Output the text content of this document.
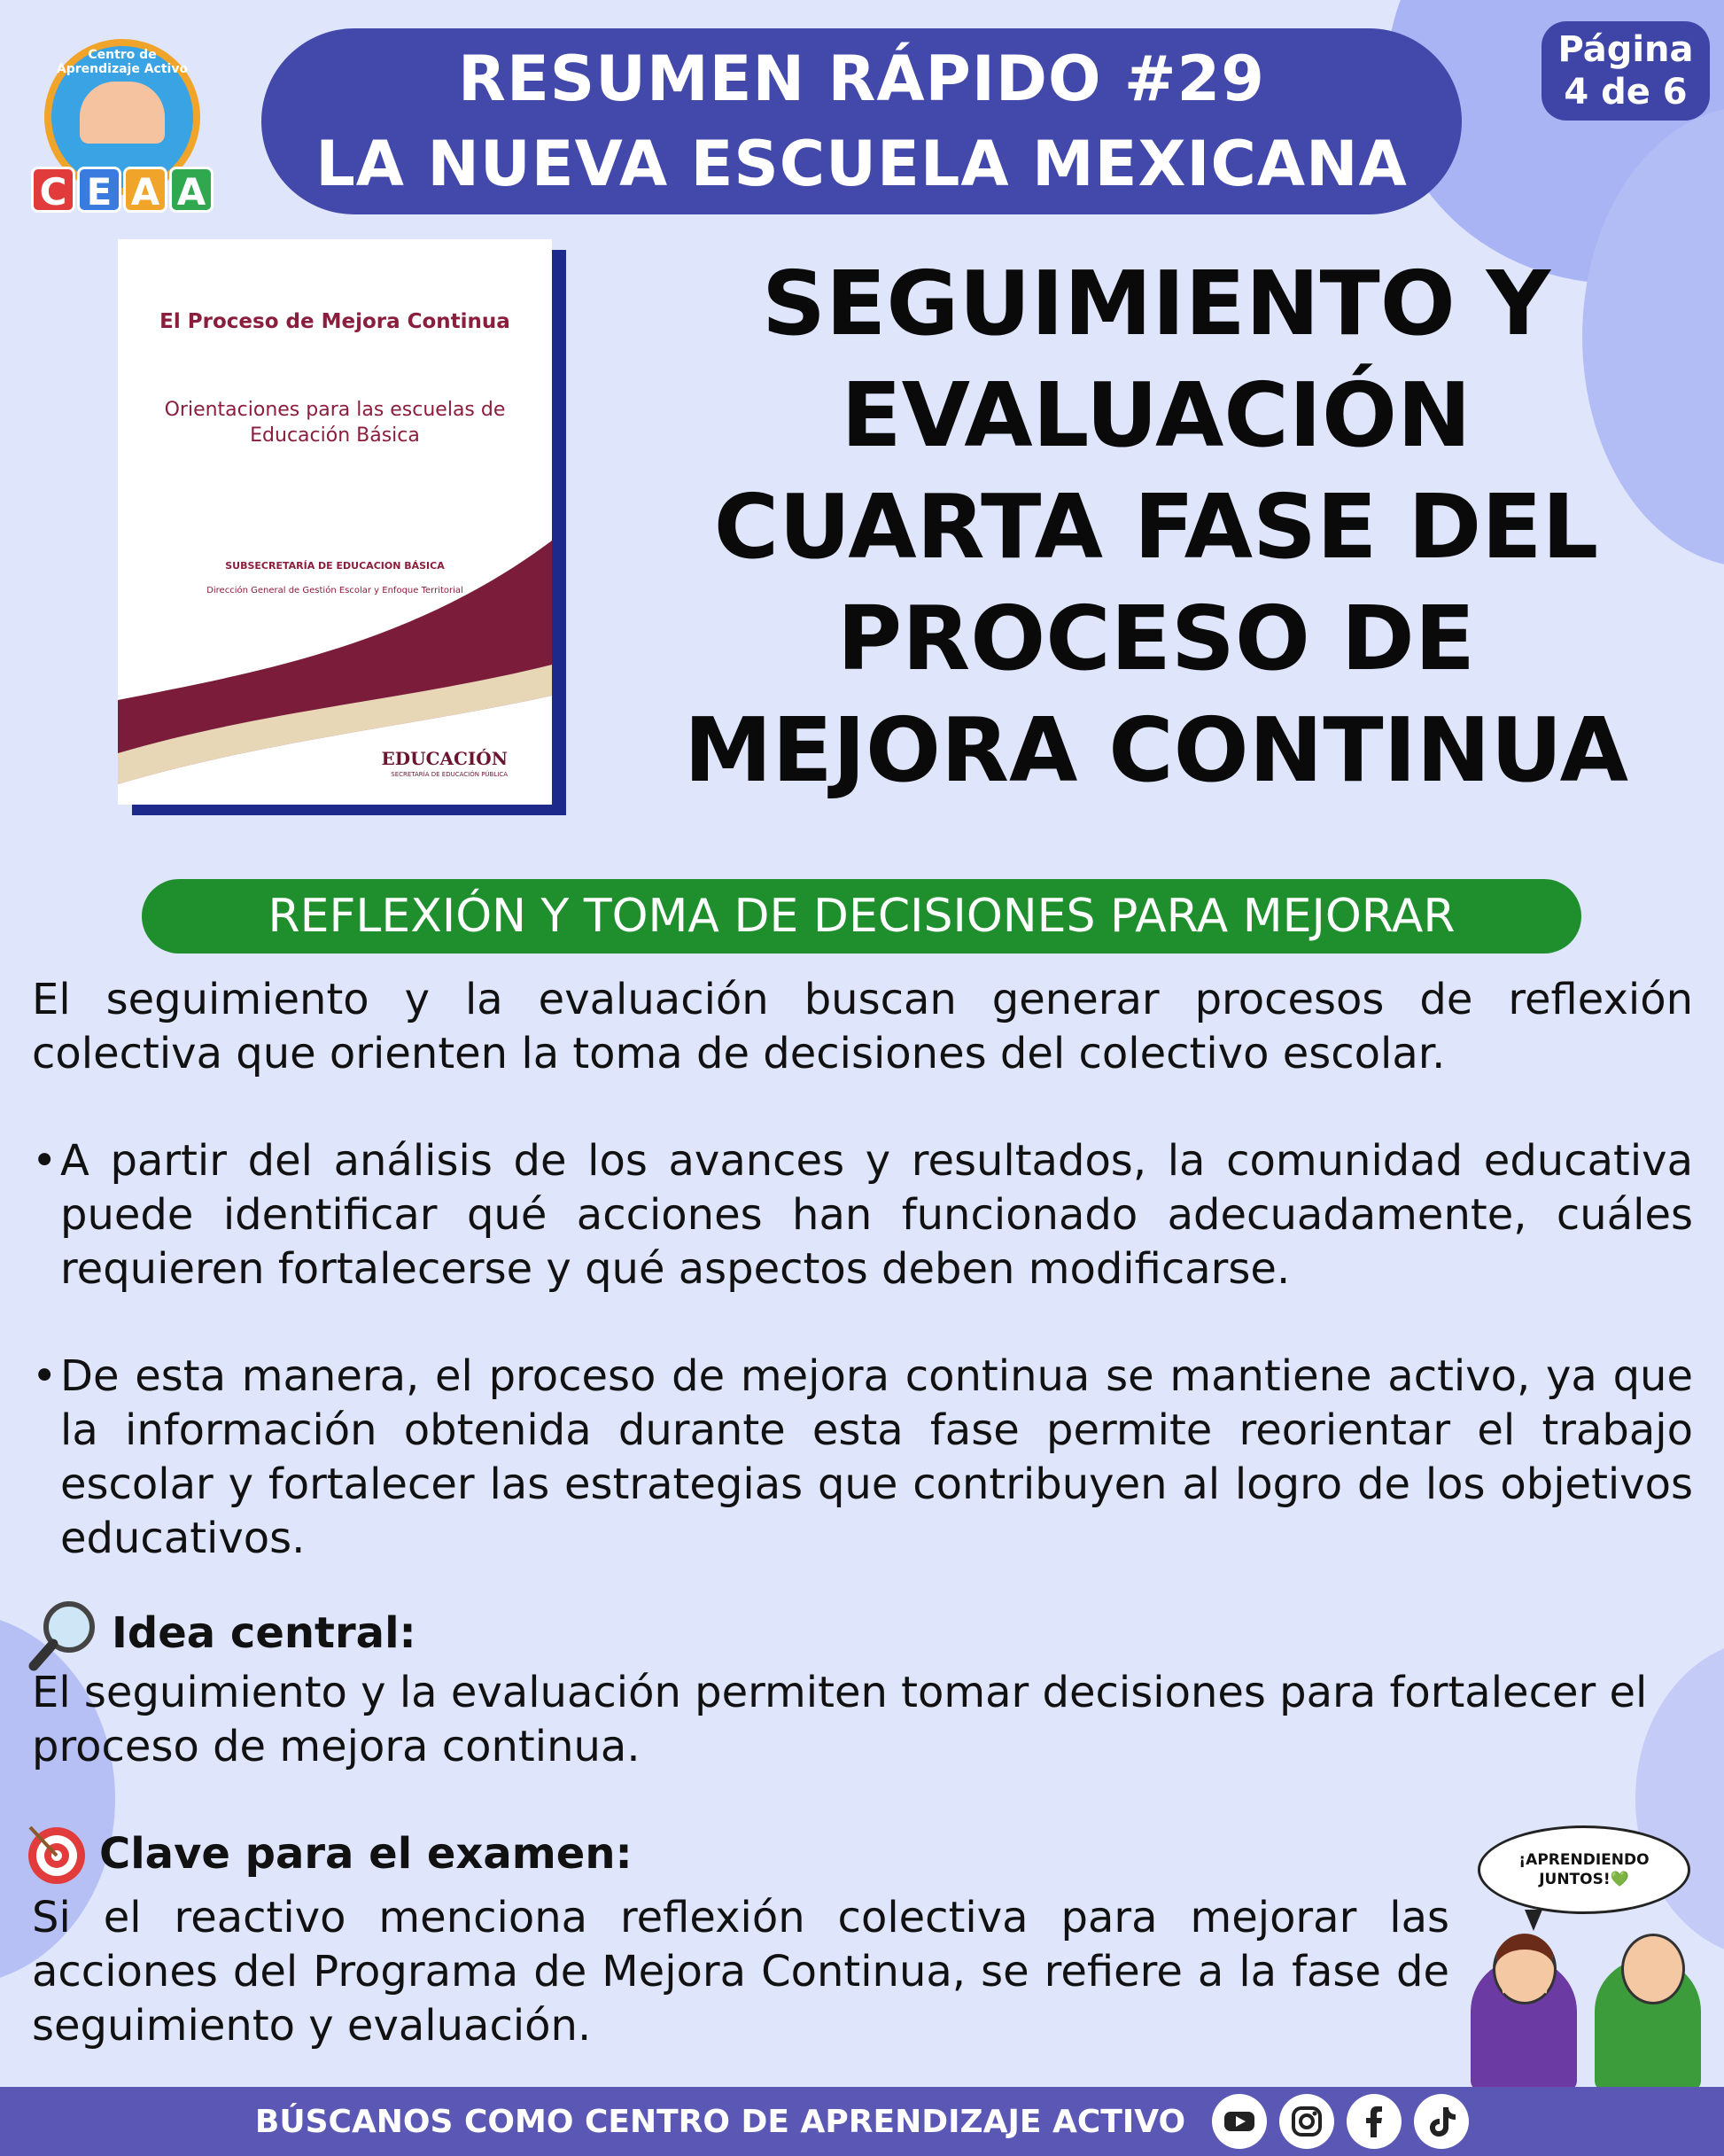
Centro de Aprendizaje Activo
C E A A
RESUMEN RÁPIDO #29
LA NUEVA ESCUELA MEXICANA
Página
4 de 6
El Proceso de Mejora Continua
Orientaciones para las escuelas de Educación Básica
SUBSECRETARÍA DE EDUCACION BÁSICA
Dirección General de Gestión Escolar y Enfoque Territorial
EDUCACIÓN
SECRETARÍA DE EDUCACIÓN PÚBLICA
SEGUIMIENTO Y
EVALUACIÓN
CUARTA FASE DEL
PROCESO DE
MEJORA CONTINUA
REFLEXIÓN Y TOMA DE DECISIONES PARA MEJORAR

El seguimiento y la evaluación buscan generar procesos de reflexión colectiva que orienten la toma de decisiones del colectivo escolar.

• A partir del análisis de los avances y resultados, la comunidad educativa puede identificar qué acciones han funcionado adecuadamente, cuáles requieren fortalecerse y qué aspectos deben modificarse.
• De esta manera, el proceso de mejora continua se mantiene activo, ya que la información obtenida durante esta fase permite reorientar el trabajo escolar y fortalecer las estrategias que contribuyen al logro de los objetivos educativos.
Idea central:

El seguimiento y la evaluación permiten tomar decisiones para fortalecer el proceso de mejora continua.

Clave para el examen:

Si el reactivo menciona reflexión colectiva para mejorar las acciones del Programa de Mejora Continua, se refiere a la fase de seguimiento y evaluación.

¡APRENDIENDO
JUNTOS!💚
BÚSCANOS COMO CENTRO DE APRENDIZAJE ACTIVO
